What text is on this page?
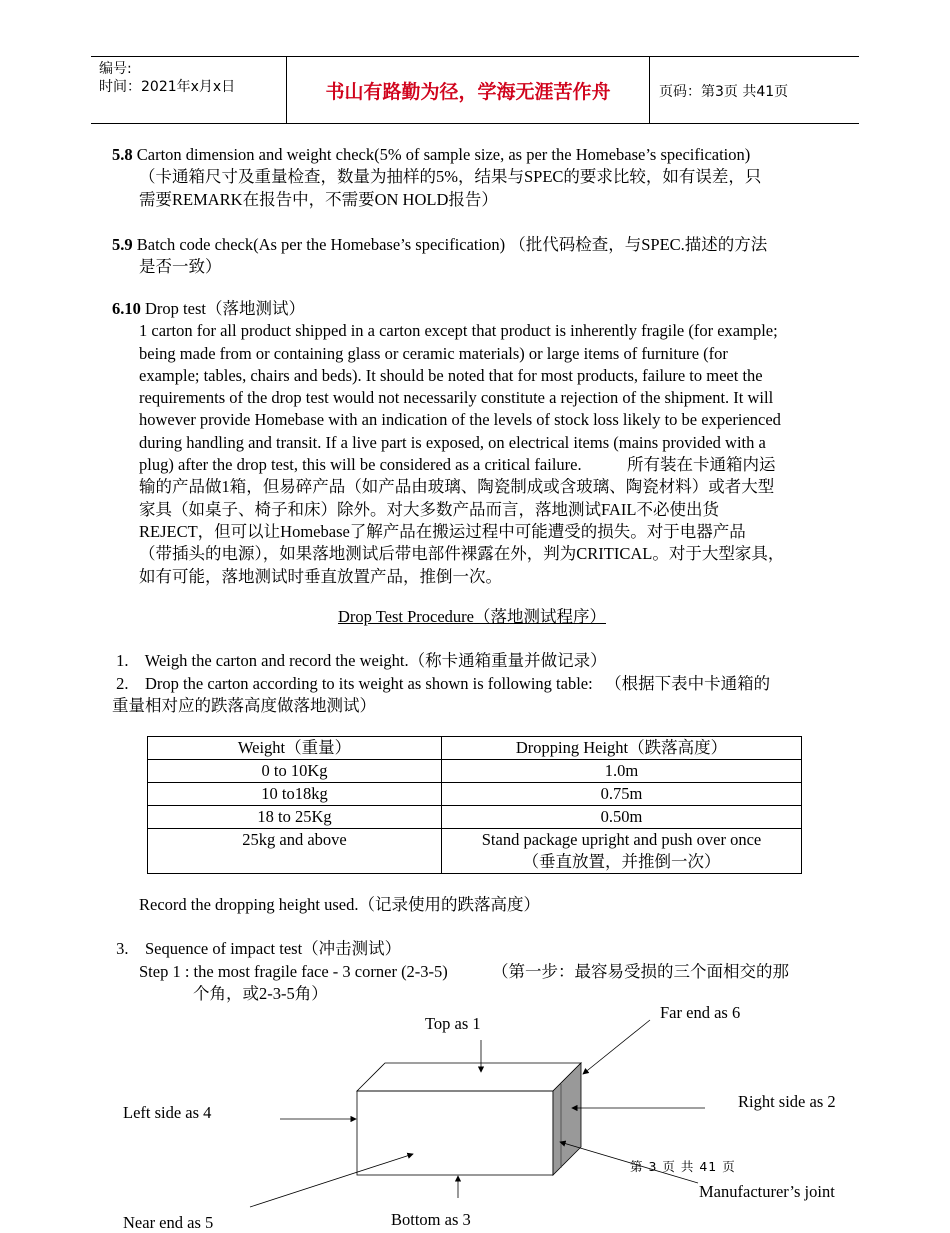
编号:
时间：2021年x月x日	书山有路勤为径，学海无涯苦作舟	页码：第3页 共41页
5.8 Carton dimension and weight check(5% of sample size, as per the Homebase’s specification)
（卡通箱尺寸及重量检查，数量为抽样的5%，结果与SPEC的要求比较，如有误差，只
需要REMARK在报告中，不需要ON HOLD报告）
5.9 Batch code check(As per the Homebase’s specification) （批代码检查，与SPEC.描述的方法
是否一致）
6.10 Drop test（落地测试）
1 carton for all product shipped in a carton except that product is inherently fragile (for example;
being made from or containing glass or ceramic materials) or large items of furniture (for
example; tables, chairs and beds). It should be noted that for most products, failure to meet the
requirements of the drop test would not necessarily constitute a rejection of the shipment. It will
however provide Homebase with an indication of the levels of stock loss likely to be experienced
during handling and transit. If a live part is exposed, on electrical items (mains provided with a
plug) after the drop test, this will be considered as a critical failure.           所有装在卡通箱内运
输的产品做1箱，但易碎产品（如产品由玻璃、陶瓷制成或含玻璃、陶瓷材料）或者大型
家具（如桌子、椅子和床）除外。对大多数产品而言，落地测试FAIL不必使出货
REJECT，但可以让Homebase了解产品在搬运过程中可能遭受的损失。对于电器产品
（带插头的电源），如果落地测试后带电部件裸露在外，判为CRITICAL。对于大型家具，
如有可能，落地测试时垂直放置产品，推倒一次。
Drop Test Procedure（落地测试程序）
1.    Weigh the carton and record the weight.（称卡通箱重量并做记录）
2.    Drop the carton according to its weight as shown is following table:   （根据下表中卡通箱的
重量相对应的跌落高度做落地测试）
Weight（重量）	Dropping Height（跌落高度）
0 to 10Kg	1.0m
10 to18kg	0.75m
18 to 25Kg	0.50m
25kg and above	Stand package upright and push over once
（垂直放置，并推倒一次）
Record the dropping height used.（记录使用的跌落高度）
3.    Sequence of impact test（冲击测试）
Step 1 : the most fragile face - 3 corner (2-3-5)	（第一步：最容易受损的三个面相交的那
个角，或2-3-5角）
Top as 1
Far end as 6
Left side as 4
Right side as 2
Manufacturer’s joint
Near end as 5	Bottom as 3
第 3 页 共 41 页
